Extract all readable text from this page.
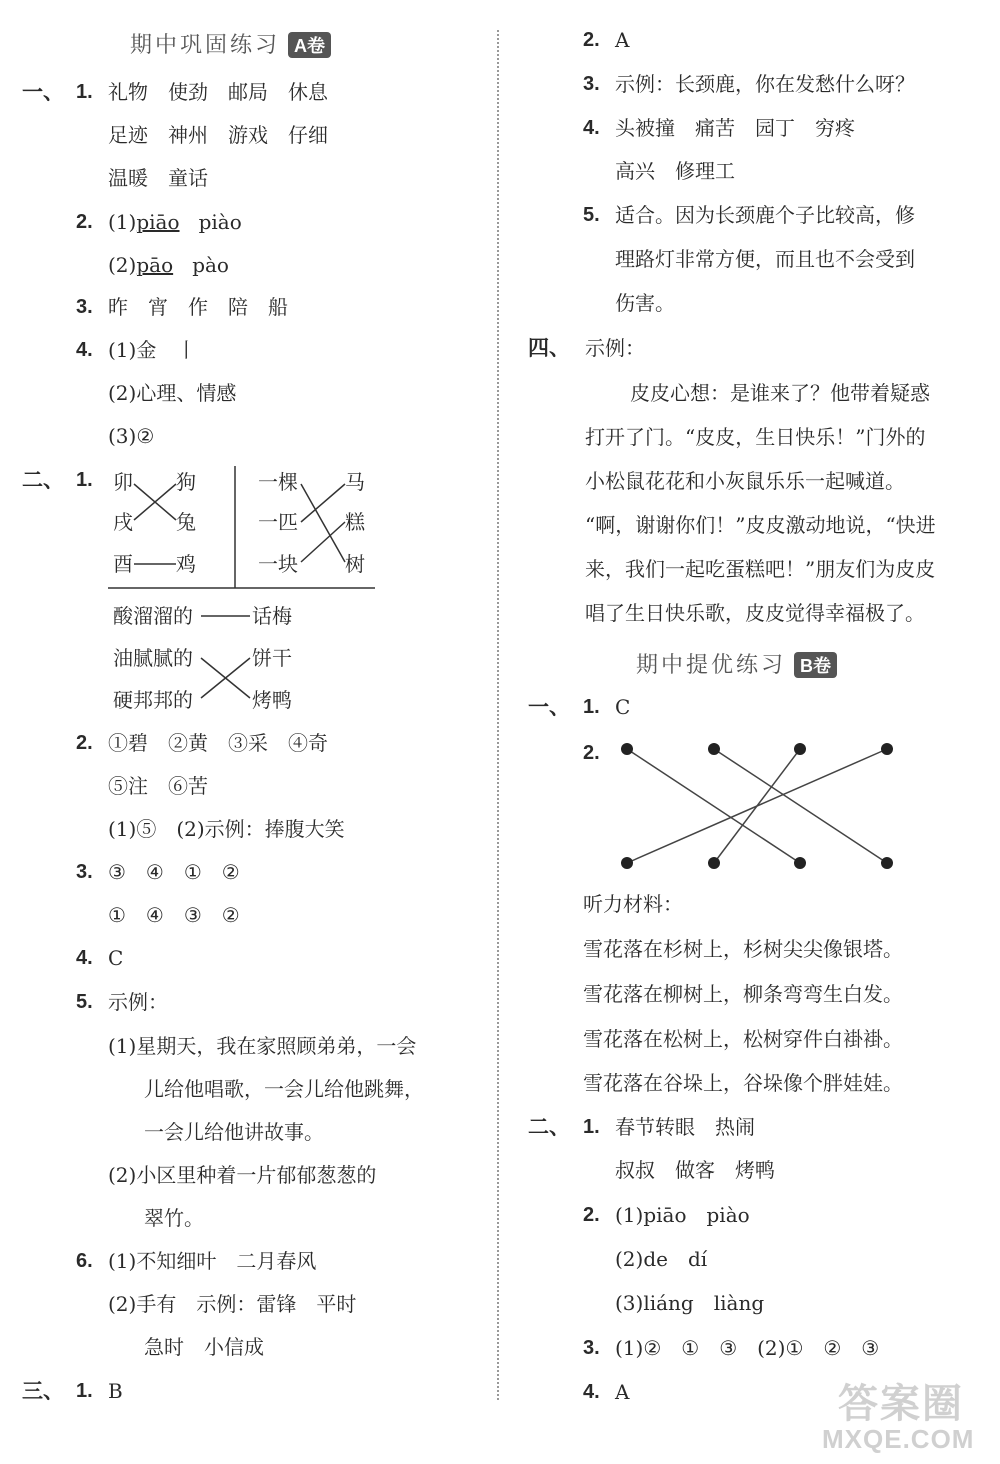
期中巩固练习 A卷
一、 1. 礼物　使劲　邮局　休息
足迹　神州　游戏　仔细
温暖　童话
2. (1)piāo piào
(2)pāo pào
3. 昨　宵　作　陪　船
4. (1)金　丨
(2)心理、情感
(3)②
二、 1. 卯
戌
酉
狗
兔
鸡
一棵
一匹
一块
马
糕
树
酸溜溜的
油腻腻的
硬邦邦的
话梅
饼干
烤鸭
2. ①碧　②黄　③采　④奇
⑤注　⑥苦
(1)⑤　(2)示例：捧腹大笑
3. ③　④　①　②
①　④　③　②
4. C
5. 示例：
(1)星期天，我在家照顾弟弟，一会
儿给他唱歌，一会儿给他跳舞，
一会儿给他讲故事。
(2)小区里种着一片郁郁葱葱的
翠竹。
6. (1)不知细叶　二月春风
(2)手有　示例：雷锋　平时
急时　小信成
三、 1. B
2. A
3. 示例：长颈鹿，你在发愁什么呀？
4. 头被撞　痛苦　园丁　穷疼
高兴　修理工
5. 适合。因为长颈鹿个子比较高，修
理路灯非常方便，而且也不会受到
伤害。
四、 示例：
皮皮心想：是谁来了？他带着疑惑
打开了门。“皮皮，生日快乐！”门外的
小松鼠花花和小灰鼠乐乐一起喊道。
“啊，谢谢你们！”皮皮激动地说，“快进
来，我们一起吃蛋糕吧！”朋友们为皮皮
唱了生日快乐歌，皮皮觉得幸福极了。
期中提优练习 B卷
一、 1. C
2.
听力材料：
雪花落在杉树上，杉树尖尖像银塔。
雪花落在柳树上，柳条弯弯生白发。
雪花落在松树上，松树穿件白褂褂。
雪花落在谷垛上，谷垛像个胖娃娃。
二、 1. 春节转眼　热闹
叔叔　做客　烤鸭
2. (1)piāo　piào
(2)de　dí
(3)liáng　liàng
3. (1)②　①　③　(2)①　②　③
4. A	答案圈
MXQE.COM
